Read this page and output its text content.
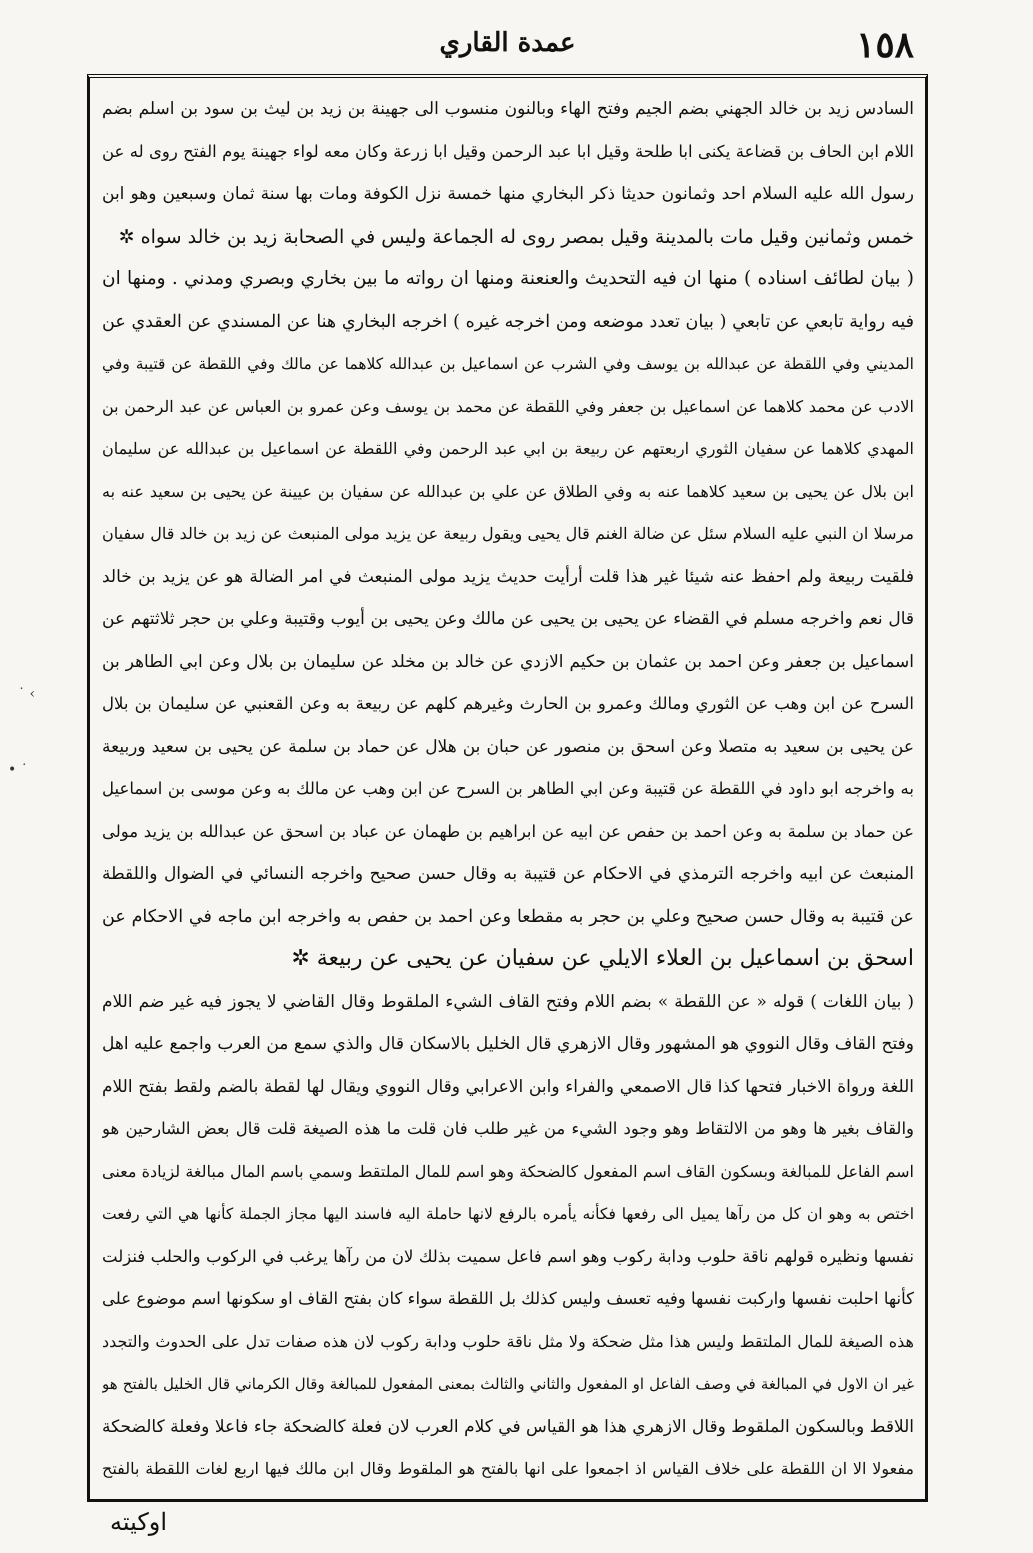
١٥٨
عمدة القاري
السادس زيد بن خالد الجهني بضم الجيم وفتح الهاء وبالنون منسوب الى جهينة بن زيد بن ليث بن سود بن اسلم بضم
اللام ابن الحاف بن قضاعة يكنى ابا طلحة وقيل ابا عبد الرحمن وقيل ابا زرعة وكان معه لواء جهينة يوم الفتح روى له عن
رسول الله عليه السلام احد وثمانون حديثا ذكر البخاري منها خمسة نزل الكوفة ومات بها سنة ثمان وسبعين وهو ابن
خمس وثمانين وقيل مات بالمدينة وقيل بمصر روى له الجماعة وليس في الصحابة زيد بن خالد سواه ✲
( بيان لطائف اسناده ) منها ان فيه التحديث والعنعنة ومنها ان رواته ما بين بخاري وبصري ومدني . ومنها ان
فيه رواية تابعي عن تابعي ( بيان تعدد موضعه ومن اخرجه غيره ) اخرجه البخاري هنا عن المسندي عن العقدي عن
المديني وفي اللقطة عن عبدالله بن يوسف وفي الشرب عن اسماعيل بن عبدالله كلاهما عن مالك وفي اللقطة عن قتيبة وفي
الادب عن محمد كلاهما عن اسماعيل بن جعفر وفي اللقطة عن محمد بن يوسف وعن عمرو بن العباس عن عبد الرحمن بن
المهدي كلاهما عن سفيان الثوري اربعتهم عن ربيعة بن ابي عبد الرحمن وفي اللقطة عن اسماعيل بن عبدالله عن سليمان
ابن بلال عن يحيى بن سعيد كلاهما عنه به وفي الطلاق عن علي بن عبدالله عن سفيان بن عيينة عن يحيى بن سعيد عنه به
مرسلا ان النبي عليه السلام سئل عن ضالة الغنم قال يحيى ويقول ربيعة عن يزيد مولى المنبعث عن زيد بن خالد قال سفيان
فلقيت ربيعة ولم احفظ عنه شيئا غير هذا قلت أرأيت حديث يزيد مولى المنبعث في امر الضالة هو عن يزيد بن خالد
قال نعم واخرجه مسلم في القضاء عن يحيى بن يحيى عن مالك وعن يحيى بن أيوب وقتيبة وعلي بن حجر ثلاثتهم عن
اسماعيل بن جعفر وعن احمد بن عثمان بن حكيم الازدي عن خالد بن مخلد عن سليمان بن بلال وعن ابي الطاهر بن
السرح عن ابن وهب عن الثوري ومالك وعمرو بن الحارث وغيرهم كلهم عن ربيعة به وعن القعنبي عن سليمان بن بلال
عن يحيى بن سعيد به متصلا وعن اسحق بن منصور عن حبان بن هلال عن حماد بن سلمة عن يحيى بن سعيد وربيعة
به واخرجه ابو داود في اللقطة عن قتيبة وعن ابي الطاهر بن السرح عن ابن وهب عن مالك به وعن موسى بن اسماعيل
عن حماد بن سلمة به وعن احمد بن حفص عن ابيه عن ابراهيم بن طهمان عن عباد بن اسحق عن عبدالله بن يزيد مولى
المنبعث عن ابيه واخرجه الترمذي في الاحكام عن قتيبة به وقال حسن صحيح واخرجه النسائي في الضوال واللقطة
عن قتيبة به وقال حسن صحيح وعلي بن حجر به مقطعا وعن احمد بن حفص به واخرجه ابن ماجه في الاحكام عن
اسحق بن اسماعيل بن العلاء الايلي عن سفيان عن يحيى عن ربيعة ✲
( بيان اللغات ) قوله « عن اللقطة » بضم اللام وفتح القاف الشيء الملقوط وقال القاضي لا يجوز فيه غير ضم اللام
وفتح القاف وقال النووي هو المشهور وقال الازهري قال الخليل بالاسكان قال والذي سمع من العرب واجمع عليه اهل
اللغة ورواة الاخبار فتحها كذا قال الاصمعي والفراء وابن الاعرابي وقال النووي ويقال لها لقطة بالضم ولقط بفتح اللام
والقاف بغير ها وهو من الالتقاط وهو وجود الشيء من غير طلب فان قلت ما هذه الصيغة قلت قال بعض الشارحين هو
اسم الفاعل للمبالغة وبسكون القاف اسم المفعول كالضحكة وهو اسم للمال الملتقط وسمي باسم المال مبالغة لزيادة معنى
اختص به وهو ان كل من رآها يميل الى رفعها فكأنه يأمره بالرفع لانها حاملة اليه فاسند اليها مجاز الجملة كأنها هي التي رفعت
نفسها ونظيره قولهم ناقة حلوب ودابة ركوب وهو اسم فاعل سميت بذلك لان من رآها يرغب في الركوب والحلب فنزلت
كأنها احلبت نفسها واركبت نفسها وفيه تعسف وليس كذلك بل اللقطة سواء كان بفتح القاف او سكونها اسم موضوع على
هذه الصيغة للمال الملتقط وليس هذا مثل ضحكة ولا مثل ناقة حلوب ودابة ركوب لان هذه صفات تدل على الحدوث والتجدد
غير ان الاول في المبالغة في وصف الفاعل او المفعول والثاني والثالث بمعنى المفعول للمبالغة وقال الكرماني قال الخليل بالفتح هو
اللاقط وبالسكون الملقوط وقال الازهري هذا هو القياس في كلام العرب لان فعلة كالضحكة جاء فاعلا وفعلة كالضحكة
مفعولا الا ان اللقطة على خلاف القياس اذ اجمعوا على انها بالفتح هو الملقوط وقال ابن مالك فيها اربع لغات اللقطة بالفتح
اوكيته
˙ ‹
• ˙
